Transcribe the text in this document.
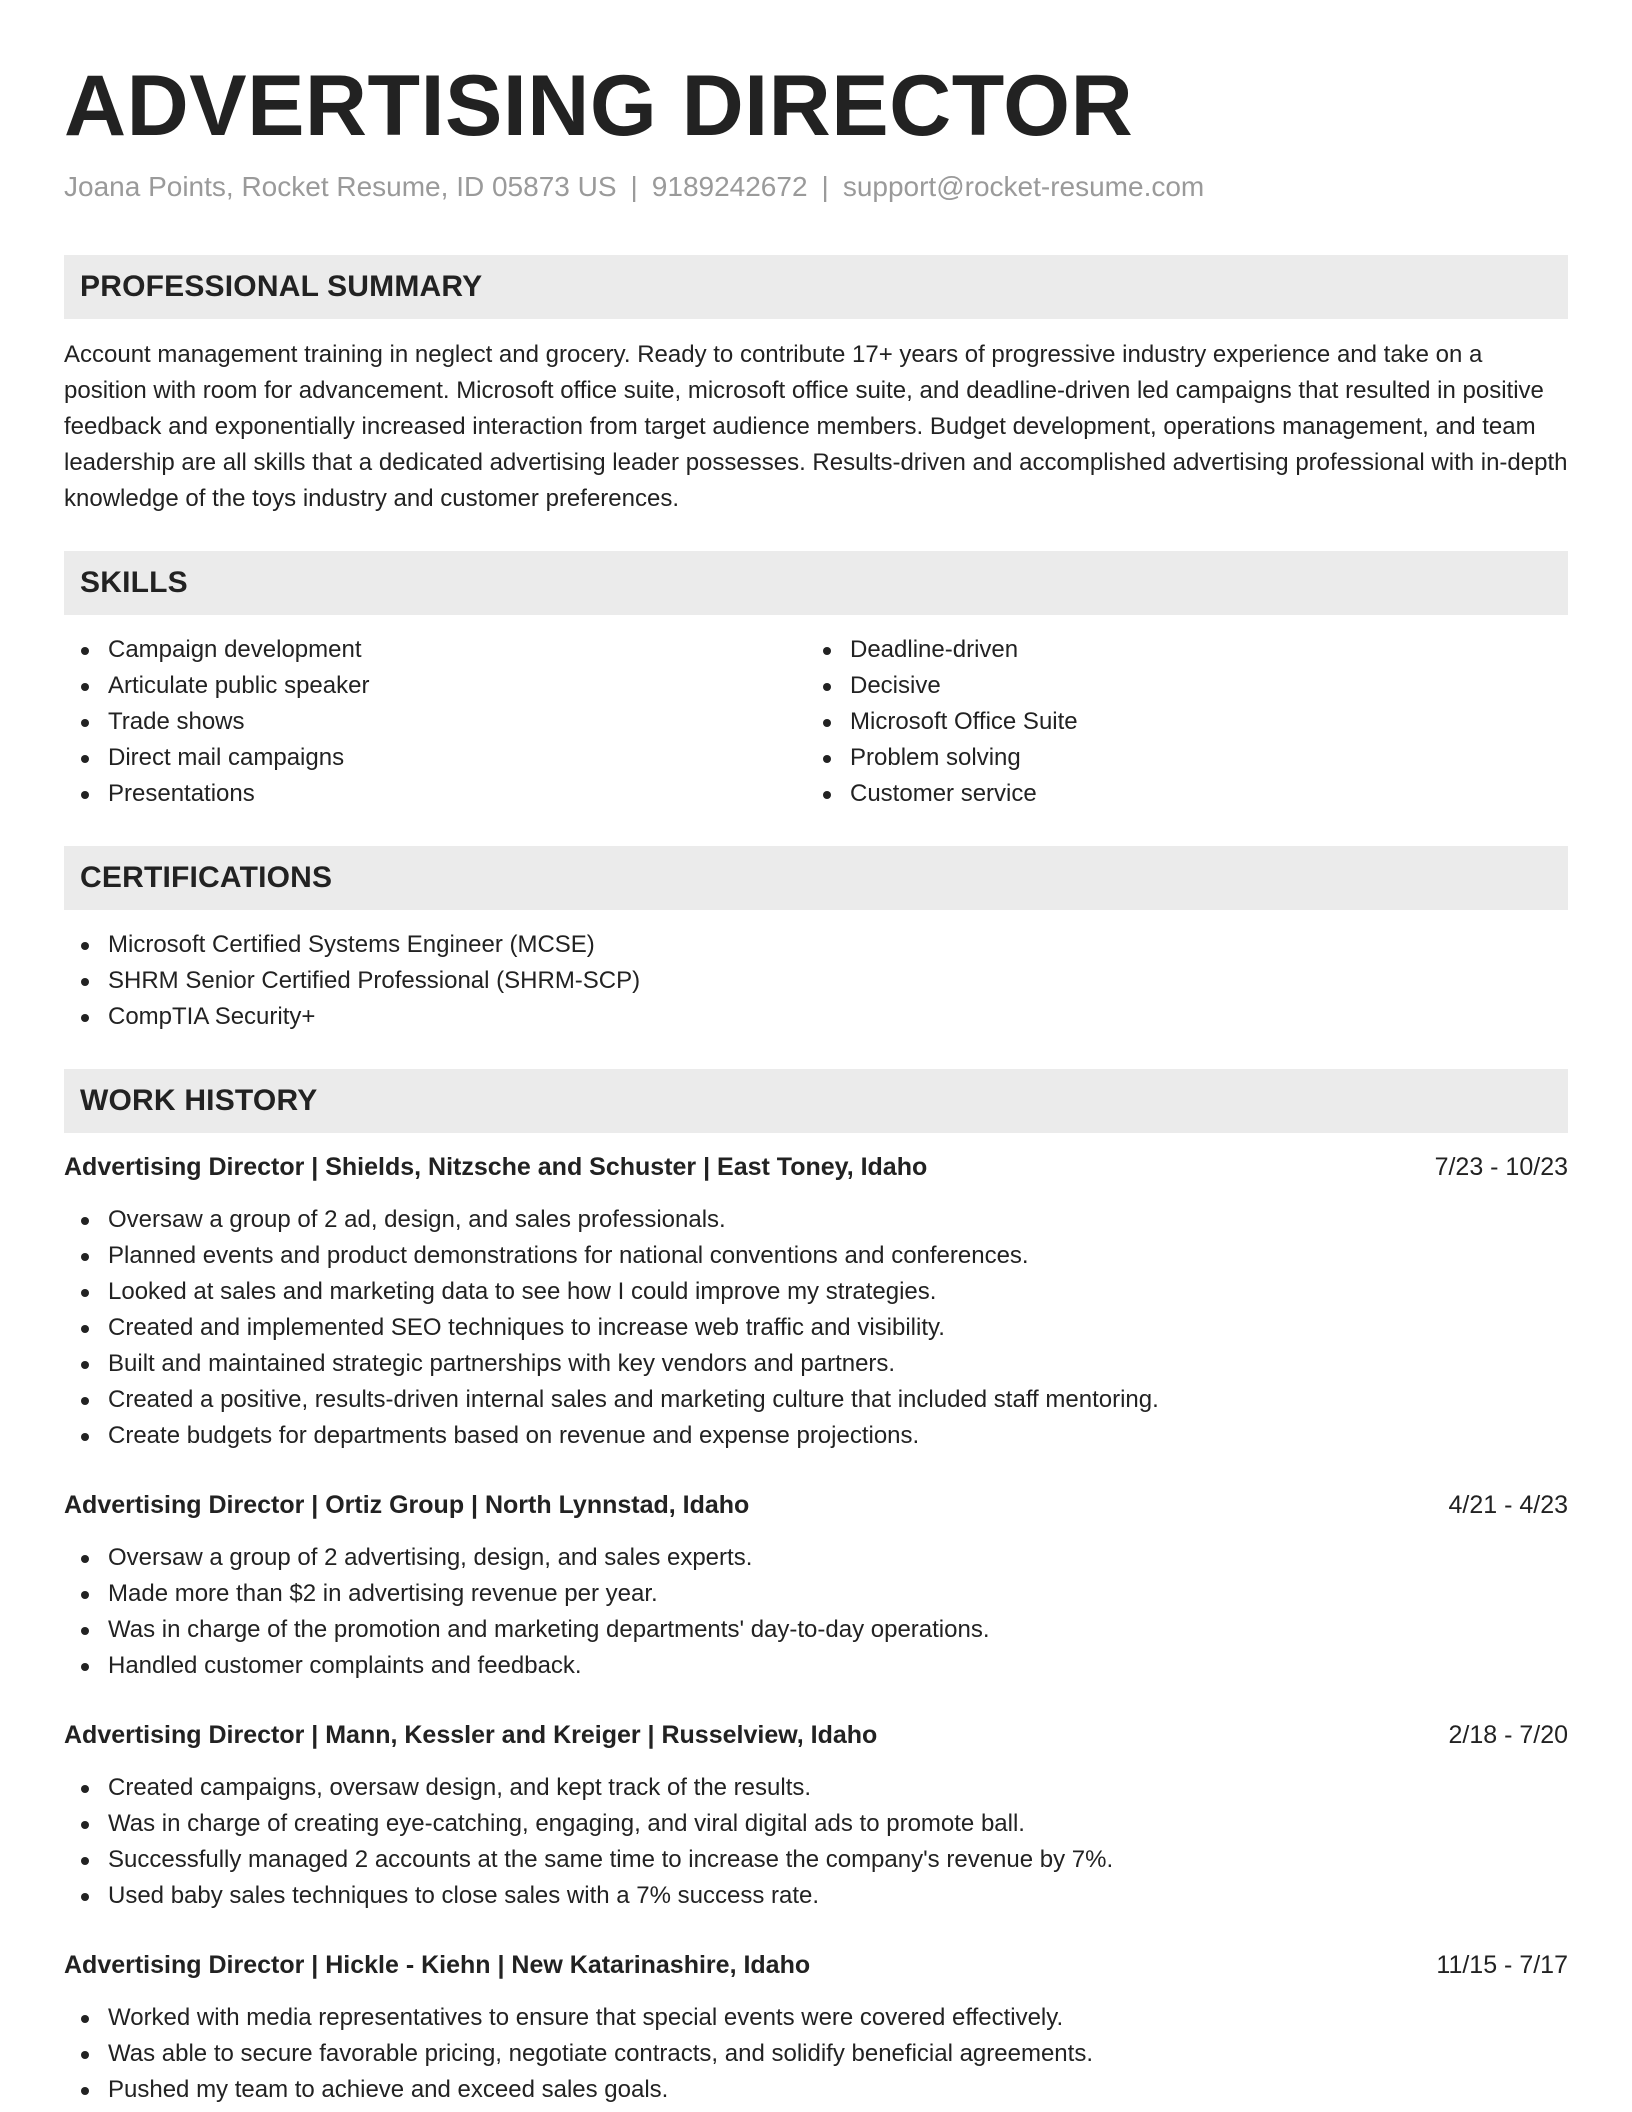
ADVERTISING DIRECTOR
Joana Points, Rocket Resume, ID 05873 US | 9189242672 | support@rocket-resume.com
PROFESSIONAL SUMMARY

Account management training in neglect and grocery. Ready to contribute 17+ years of progressive industry experience and take on a position with room for advancement. Microsoft office suite, microsoft office suite, and deadline-driven led campaigns that resulted in positive feedback and exponentially increased interaction from target audience members. Budget development, operations management, and team leadership are all skills that a dedicated advertising leader possesses. Results-driven and accomplished advertising professional with in-depth knowledge of the toys industry and customer preferences.

SKILLS
Campaign development
Articulate public speaker
Trade shows
Direct mail campaigns
Presentations
Deadline-driven
Decisive
Microsoft Office Suite
Problem solving
Customer service
CERTIFICATIONS
Microsoft Certified Systems Engineer (MCSE)
SHRM Senior Certified Professional (SHRM-SCP)
CompTIA Security+
WORK HISTORY
Advertising Director | Shields, Nitzsche and Schuster | East Toney, Idaho	7/23 - 10/23
Oversaw a group of 2 ad, design, and sales professionals.
Planned events and product demonstrations for national conventions and conferences.
Looked at sales and marketing data to see how I could improve my strategies.
Created and implemented SEO techniques to increase web traffic and visibility.
Built and maintained strategic partnerships with key vendors and partners.
Created a positive, results-driven internal sales and marketing culture that included staff mentoring.
Create budgets for departments based on revenue and expense projections.
Advertising Director | Ortiz Group | North Lynnstad, Idaho	4/21 - 4/23
Oversaw a group of 2 advertising, design, and sales experts.
Made more than $2 in advertising revenue per year.
Was in charge of the promotion and marketing departments' day-to-day operations.
Handled customer complaints and feedback.
Advertising Director | Mann, Kessler and Kreiger | Russelview, Idaho	2/18 - 7/20
Created campaigns, oversaw design, and kept track of the results.
Was in charge of creating eye-catching, engaging, and viral digital ads to promote ball.
Successfully managed 2 accounts at the same time to increase the company's revenue by 7%.
Used baby sales techniques to close sales with a 7% success rate.
Advertising Director | Hickle - Kiehn | New Katarinashire, Idaho	11/15 - 7/17
Worked with media representatives to ensure that special events were covered effectively.
Was able to secure favorable pricing, negotiate contracts, and solidify beneficial agreements.
Pushed my team to achieve and exceed sales goals.
